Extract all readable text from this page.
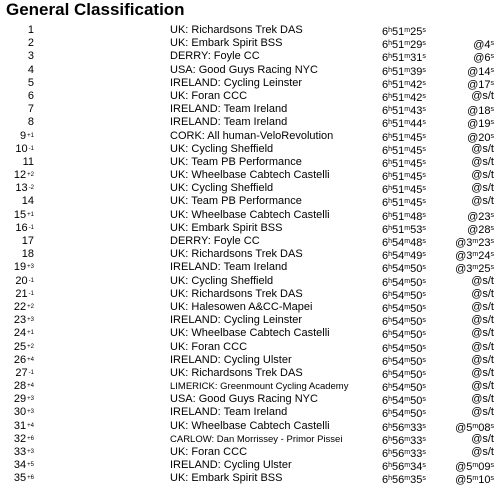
General Classification
1	UK: Richardsons Trek DAS	6$^h$51$^m$25$^s$
2	UK: Embark Spirit BSS	6$^h$51$^m$29$^s$	@4$^s$
3	DERRY: Foyle CC	6$^h$51$^m$31$^s$	@6$^s$
4	USA: Good Guys Racing NYC	6$^h$51$^m$39$^s$	@14$^s$
5	IRELAND: Cycling Leinster	6$^h$51$^m$42$^s$	@17$^s$
6	UK: Foran CCC	6$^h$51$^m$42$^s$	@s/t
7	IRELAND: Team Ireland	6$^h$51$^m$43$^s$	@18$^s$
8	IRELAND: Team Ireland	6$^h$51$^m$44$^s$	@19$^s$
$9^{+1}$	CORK: All human-VeloRevolution	6$^h$51$^m$45$^s$	@20$^s$
$10^{-1}$	UK: Cycling Sheffield	6$^h$51$^m$45$^s$	@s/t
11	UK: Team PB Performance	6$^h$51$^m$45$^s$	@s/t
$12^{+2}$	UK: Wheelbase Cabtech Castelli	6$^h$51$^m$45$^s$	@s/t
$13^{-2}$	UK: Cycling Sheffield	6$^h$51$^m$45$^s$	@s/t
14	UK: Team PB Performance	6$^h$51$^m$45$^s$	@s/t
$15^{+1}$	UK: Wheelbase Cabtech Castelli	6$^h$51$^m$48$^s$	@23$^s$
$16^{-1}$	UK: Embark Spirit BSS	6$^h$51$^m$53$^s$	@28$^s$
17	DERRY: Foyle CC	6$^h$54$^m$48$^s$	@3$^m$23$^s$
18	UK: Richardsons Trek DAS	6$^h$54$^m$49$^s$	@3$^m$24$^s$
$19^{+3}$	IRELAND: Team Ireland	6$^h$54$^m$50$^s$	@3$^m$25$^s$
$20^{-1}$	UK: Cycling Sheffield	6$^h$54$^m$50$^s$	@s/t
$21^{-1}$	UK: Richardsons Trek DAS	6$^h$54$^m$50$^s$	@s/t
$22^{+2}$	UK: Halesowen A&CC-Mapei	6$^h$54$^m$50$^s$	@s/t
$23^{+3}$	IRELAND: Cycling Leinster	6$^h$54$^m$50$^s$	@s/t
$24^{+1}$	UK: Wheelbase Cabtech Castelli	6$^h$54$^m$50$^s$	@s/t
$25^{+2}$	UK: Foran CCC	6$^h$54$^m$50$^s$	@s/t
$26^{+4}$	IRELAND: Cycling Ulster	6$^h$54$^m$50$^s$	@s/t
$27^{-1}$	UK: Richardsons Trek DAS	6$^h$54$^m$50$^s$	@s/t
$28^{+4}$	LIMERICK: Greenmount Cycling Academy	6$^h$54$^m$50$^s$	@s/t
$29^{+3}$	USA: Good Guys Racing NYC	6$^h$54$^m$50$^s$	@s/t
$30^{+3}$	IRELAND: Team Ireland	6$^h$54$^m$50$^s$	@s/t
$31^{+4}$	UK: Wheelbase Cabtech Castelli	6$^h$56$^m$33$^s$	@5$^m$08$^s$
$32^{+6}$	CARLOW: Dan Morrissey - Primor Pissei	6$^h$56$^m$33$^s$	@s/t
$33^{+3}$	UK: Foran CCC	6$^h$56$^m$33$^s$	@s/t
$34^{+5}$	IRELAND: Cycling Ulster	6$^h$56$^m$34$^s$	@5$^m$09$^s$
$35^{+6}$	UK: Embark Spirit BSS	6$^h$56$^m$35$^s$	@5$^m$10$^s$
